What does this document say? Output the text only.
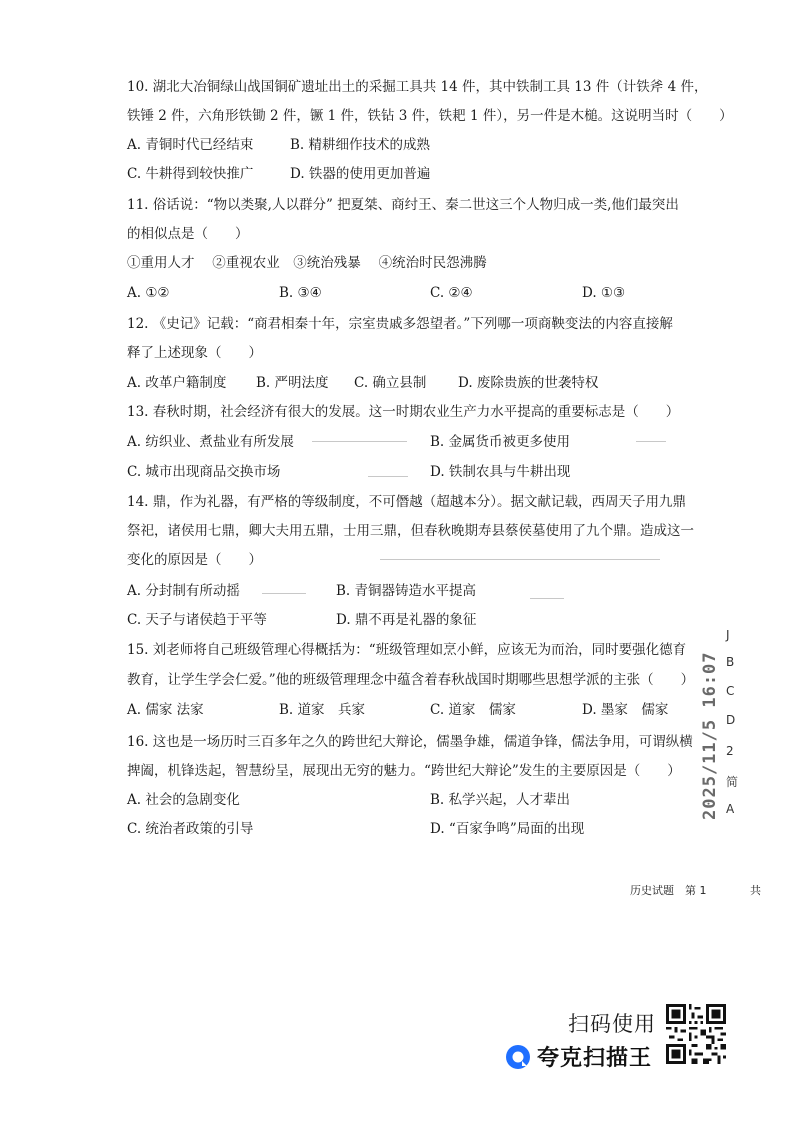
10. 湖北大冶铜绿山战国铜矿遗址出土的采掘工具共 14 件，其中铁制工具 13 件（计铁斧 4 件，
铁锤 2 件，六角形铁锄 2 件，镢 1 件，铁钻 3 件，铁耙 1 件），另一件是木槌。这说明当时（　　）
A. 青铜时代已经结束	B. 精耕细作技术的成熟
C. 牛耕得到较快推广	D. 铁器的使用更加普遍
11. 俗话说：“物以类聚,人以群分” 把夏桀、商纣王、秦二世这三个人物归成一类,他们最突出
的相似点是（　　）
①重用人才　 ②重视农业　③统治残暴　 ④统治时民怨沸腾
A. ①②	B. ③④	C. ②④	D. ①③
12. 《史记》记载：“商君相秦十年，宗室贵戚多怨望者。”下列哪一项商鞅变法的内容直接解
释了上述现象（　　）
A. 改革户籍制度 B. 严明法度 C. 确立县制 D. 废除贵族的世袭特权
13. 春秋时期，社会经济有很大的发展。这一时期农业生产力水平提高的重要标志是（　　）
A. 纺织业、煮盐业有所发展	B. 金属货币被更多使用
C. 城市出现商品交换市场	D. 铁制农具与牛耕出现
14. 鼎，作为礼器，有严格的等级制度，不可僭越（超越本分）。据文献记载，西周天子用九鼎
祭祀，诸侯用七鼎，卿大夫用五鼎，士用三鼎，但春秋晚期寿县蔡侯墓使用了九个鼎。造成这一
变化的原因是（　　）
A. 分封制有所动摇	B. 青铜器铸造水平提高
C. 天子与诸侯趋于平等	D. 鼎不再是礼器的象征
15. 刘老师将自己班级管理心得概括为：“班级管理如烹小鲜，应该无为而治，同时要强化德育
教育，让学生学会仁爱。”他的班级管理理念中蕴含着春秋战国时期哪些思想学派的主张（　　）
A. 儒家 法家	B. 道家　兵家	C. 道家　儒家	D. 墨家　儒家
16. 这也是一场历时三百多年之久的跨世纪大辩论，儒墨争雄，儒道争锋，儒法争用，可谓纵横
捭阖，机锋迭起，智慧纷呈，展现出无穷的魅力。“跨世纪大辩论”发生的主要原因是（　　）
A. 社会的急剧变化	B. 私学兴起，人才辈出
C. 统治者政策的引导	D. “百家争鸣”局面的出现
J
B
C
D
2
简
A
2025/11/5 16:07
历史试题　第 1	共
扫码使用
夸克扫描王
